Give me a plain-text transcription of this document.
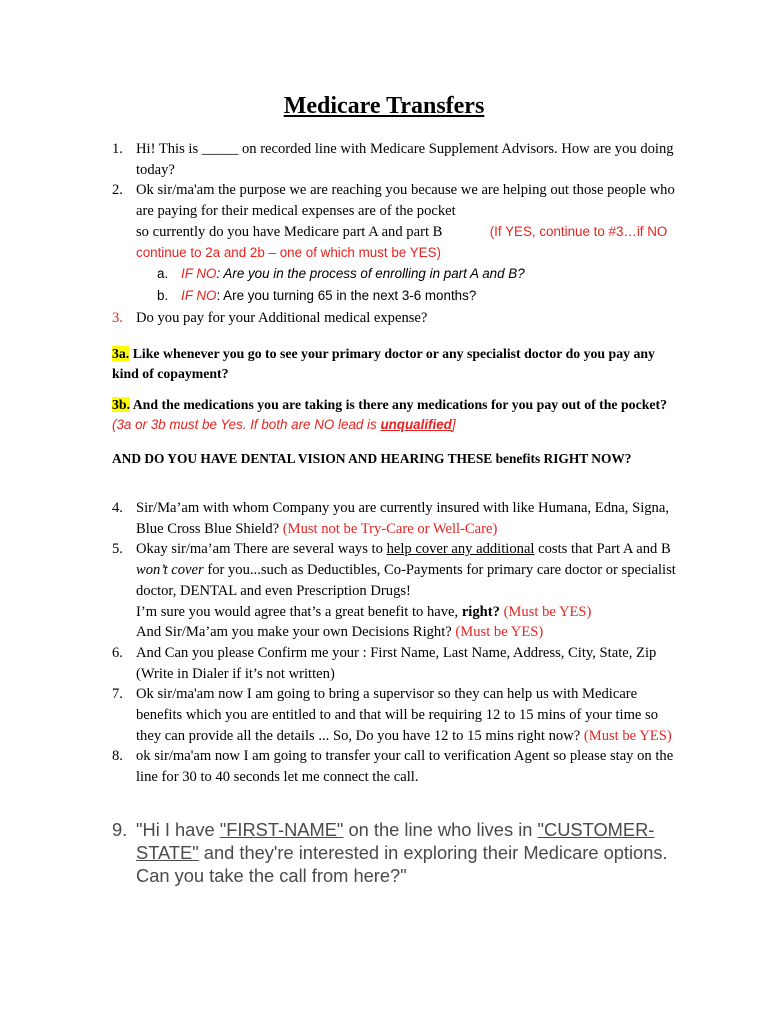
Medicare Transfers
1. Hi! This is _____ on recorded line with Medicare Supplement Advisors. How are you doing today?
2. Ok sir/ma'am the purpose we are reaching you because we are helping out those people who are paying for their medical expenses are of the pocket
so currently do you have Medicare part A and part B	(If YES, continue to #3…if NO continue to 2a and 2b – one of which must be YES)
a. IF NO: Are you in the process of enrolling in part A and B?
b. IF NO: Are you turning 65 in the next 3-6 months?
3. Do you pay for your Additional medical expense?
3a. Like whenever you go to see your primary doctor or any specialist doctor do you pay any kind of copayment?
3b. And the medications you are taking is there any medications for you pay out of the pocket?
(3a or 3b must be Yes. If both are NO lead is unqualified]
AND DO YOU HAVE DENTAL VISION AND HEARING THESE benefits RIGHT NOW?
4. Sir/Ma’am with whom Company you are currently insured with like Humana, Edna, Signa, Blue Cross Blue Shield? (Must not be Try-Care or Well-Care)
5. Okay sir/ma’am There are several ways to help cover any additional costs that Part A and B won’t cover for you...such as Deductibles, Co-Payments for primary care doctor or specialist doctor, DENTAL and even Prescription Drugs!
I’m sure you would agree that’s a great benefit to have, right? (Must be YES)
And Sir/Ma’am you make your own Decisions Right? (Must be YES)
6. And Can you please Confirm me your : First Name, Last Name, Address, City, State, Zip (Write in Dialer if it’s not written)
7. Ok sir/ma'am now I am going to bring a supervisor so they can help us with Medicare benefits which you are entitled to and that will be requiring 12 to 15 mins of your time so they can provide all the details ... So, Do you have 12 to 15 mins right now? (Must be YES)
8. ok sir/ma'am now I am going to transfer your call to verification Agent so please stay on the line for 30 to 40 seconds let me connect the call.
9. "Hi I have "FIRST-NAME" on the line who lives in "CUSTOMER-STATE" and they're interested in exploring their Medicare options. Can you take the call from here?"
